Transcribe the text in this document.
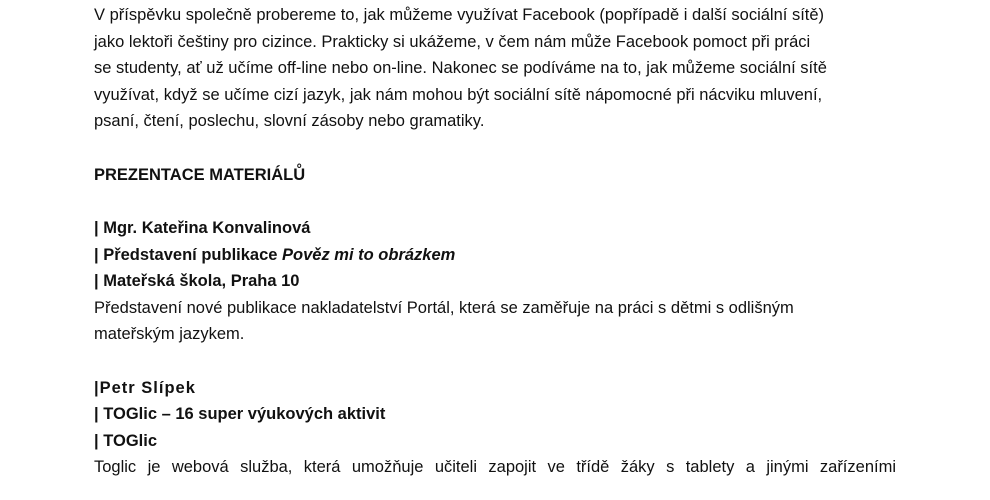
V příspěvku společně probereme to, jak můžeme využívat Facebook (popřípadě i další sociální sítě)

jako lektoři češtiny pro cizince. Prakticky si ukážeme, v čem nám může Facebook pomoct při práci

se studenty, ať už učíme off-line nebo on-line. Nakonec se podíváme na to, jak můžeme sociální sítě

využívat, když se učíme cizí jazyk, jak nám mohou být sociální sítě nápomocné při nácviku mluvení,

psaní, čtení, poslechu, slovní zásoby nebo gramatiky.

PREZENTACE MATERIÁLŮ

| Mgr. Kateřina Konvalinová

| Představení publikace Pověz mi to obrázkem

| Mateřská škola, Praha 10

Představení nové publikace nakladatelství Portál, která se zaměřuje na práci s dětmi s odlišným

mateřským jazykem.

|Petr Slípek

| TOGlic – 16 super výukových aktivit

| TOGlic

Toglic je webová služba, která umožňuje učiteli zapojit ve třídě žáky s tablety a jinými zařízeními
